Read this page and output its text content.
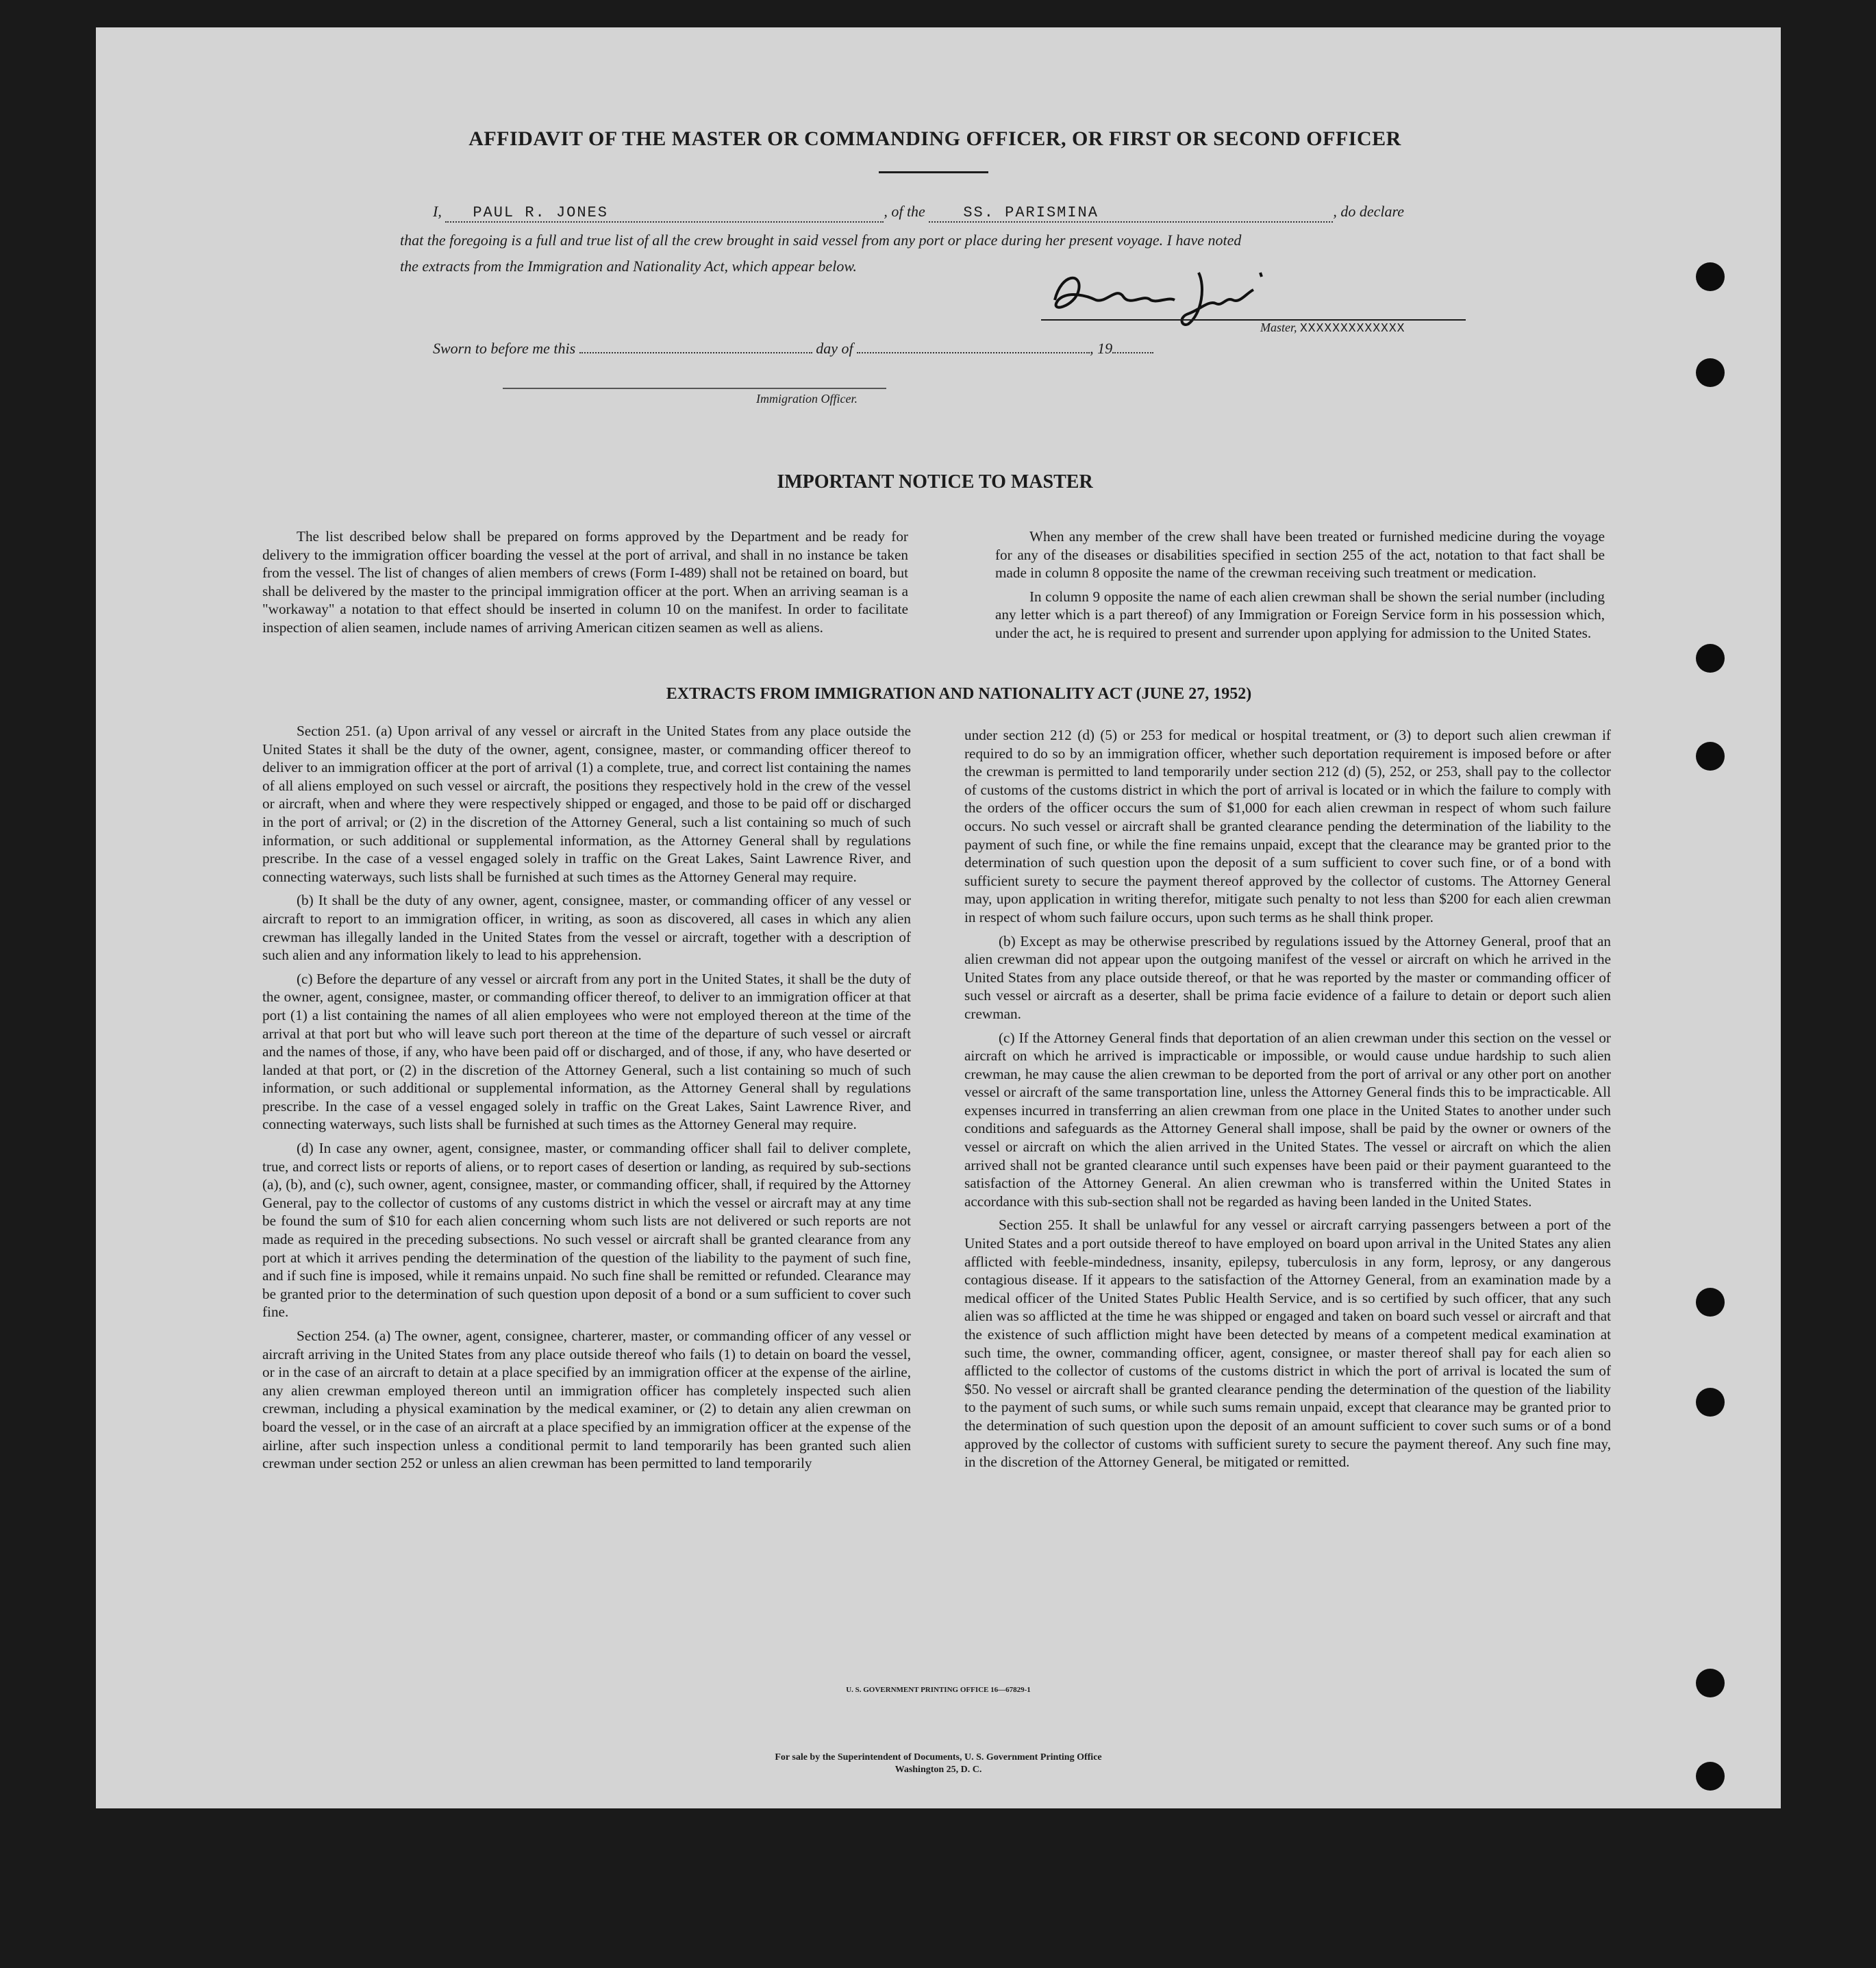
AFFIDAVIT OF THE MASTER OR COMMANDING OFFICER, OR FIRST OR SECOND OFFICER
I, PAUL R. JONES	, of the	SS. PARISMINA	, do declare
that the foregoing is a full and true list of all the crew brought in said vessel from any port or place during her present voyage. I have noted
the extracts from the Immigration and Nationality Act, which appear below.
Master, XXXXXXXXXXXXX
Sworn to before me this	day of	, 19
Immigration Officer.
IMPORTANT NOTICE TO MASTER
The list described below shall be prepared on forms approved by the Department and be ready for delivery to the immigration officer boarding the vessel at the port of arrival, and shall in no instance be taken from the vessel. The list of changes of alien members of crews (Form I-489) shall not be retained on board, but shall be delivered by the master to the principal immigration officer at the port. When an arriving seaman is a "workaway" a notation to that effect should be inserted in column 10 on the manifest. In order to facilitate inspection of alien seamen, include names of arriving American citizen seamen as well as aliens.

When any member of the crew shall have been treated or furnished medicine during the voyage for any of the diseases or disabilities specified in section 255 of the act, notation to that fact shall be made in column 8 opposite the name of the crewman receiving such treatment or medication.

In column 9 opposite the name of each alien crewman shall be shown the serial number (including any letter which is a part thereof) of any Immigration or Foreign Service form in his possession which, under the act, he is required to present and surrender upon applying for admission to the United States.

EXTRACTS FROM IMMIGRATION AND NATIONALITY ACT (JUNE 27, 1952)

Section 251. (a) Upon arrival of any vessel or aircraft in the United States from any place outside the United States it shall be the duty of the owner, agent, consignee, master, or commanding officer thereof to deliver to an immigration officer at the port of arrival (1) a complete, true, and correct list containing the names of all aliens employed on such vessel or aircraft, the positions they respectively hold in the crew of the vessel or aircraft, when and where they were respectively shipped or engaged, and those to be paid off or discharged in the port of arrival; or (2) in the discretion of the Attorney General, such a list containing so much of such information, or such additional or supplemental information, as the Attorney General shall by regulations prescribe. In the case of a vessel engaged solely in traffic on the Great Lakes, Saint Lawrence River, and connecting waterways, such lists shall be furnished at such times as the Attorney General may require.

(b) It shall be the duty of any owner, agent, consignee, master, or commanding officer of any vessel or aircraft to report to an immigration officer, in writing, as soon as discovered, all cases in which any alien crewman has illegally landed in the United States from the vessel or aircraft, together with a description of such alien and any information likely to lead to his apprehension.

(c) Before the departure of any vessel or aircraft from any port in the United States, it shall be the duty of the owner, agent, consignee, master, or commanding officer thereof, to deliver to an immigration officer at that port (1) a list containing the names of all alien employees who were not employed thereon at the time of the arrival at that port but who will leave such port thereon at the time of the departure of such vessel or aircraft and the names of those, if any, who have been paid off or discharged, and of those, if any, who have deserted or landed at that port, or (2) in the discretion of the Attorney General, such a list containing so much of such information, or such additional or supplemental information, as the Attorney General shall by regulations prescribe. In the case of a vessel engaged solely in traffic on the Great Lakes, Saint Lawrence River, and connecting waterways, such lists shall be furnished at such times as the Attorney General may require.

(d) In case any owner, agent, consignee, master, or commanding officer shall fail to deliver complete, true, and correct lists or reports of aliens, or to report cases of desertion or landing, as required by sub-sections (a), (b), and (c), such owner, agent, consignee, master, or commanding officer, shall, if required by the Attorney General, pay to the collector of customs of any customs district in which the vessel or aircraft may at any time be found the sum of $10 for each alien concerning whom such lists are not delivered or such reports are not made as required in the preceding subsections. No such vessel or aircraft shall be granted clearance from any port at which it arrives pending the determination of the question of the liability to the payment of such fine, and if such fine is imposed, while it remains unpaid. No such fine shall be remitted or refunded. Clearance may be granted prior to the determination of such question upon deposit of a bond or a sum sufficient to cover such fine.

Section 254. (a) The owner, agent, consignee, charterer, master, or commanding officer of any vessel or aircraft arriving in the United States from any place outside thereof who fails (1) to detain on board the vessel, or in the case of an aircraft to detain at a place specified by an immigration officer at the expense of the airline, any alien crewman employed thereon until an immigration officer has completely inspected such alien crewman, including a physical examination by the medical examiner, or (2) to detain any alien crewman on board the vessel, or in the case of an aircraft at a place specified by an immigration officer at the expense of the airline, after such inspection unless a conditional permit to land temporarily has been granted such alien crewman under section 252 or unless an alien crewman has been permitted to land temporarily

under section 212 (d) (5) or 253 for medical or hospital treatment, or (3) to deport such alien crewman if required to do so by an immigration officer, whether such deportation requirement is imposed before or after the crewman is permitted to land temporarily under section 212 (d) (5), 252, or 253, shall pay to the collector of customs of the customs district in which the port of arrival is located or in which the failure to comply with the orders of the officer occurs the sum of $1,000 for each alien crewman in respect of whom such failure occurs. No such vessel or aircraft shall be granted clearance pending the determination of the liability to the payment of such fine, or while the fine remains unpaid, except that the clearance may be granted prior to the determination of such question upon the deposit of a sum sufficient to cover such fine, or of a bond with sufficient surety to secure the payment thereof approved by the collector of customs. The Attorney General may, upon application in writing therefor, mitigate such penalty to not less than $200 for each alien crewman in respect of whom such failure occurs, upon such terms as he shall think proper.

(b) Except as may be otherwise prescribed by regulations issued by the Attorney General, proof that an alien crewman did not appear upon the outgoing manifest of the vessel or aircraft on which he arrived in the United States from any place outside thereof, or that he was reported by the master or commanding officer of such vessel or aircraft as a deserter, shall be prima facie evidence of a failure to detain or deport such alien crewman.

(c) If the Attorney General finds that deportation of an alien crewman under this section on the vessel or aircraft on which he arrived is impracticable or impossible, or would cause undue hardship to such alien crewman, he may cause the alien crewman to be deported from the port of arrival or any other port on another vessel or aircraft of the same transportation line, unless the Attorney General finds this to be impracticable. All expenses incurred in transferring an alien crewman from one place in the United States to another under such conditions and safeguards as the Attorney General shall impose, shall be paid by the owner or owners of the vessel or aircraft on which the alien arrived in the United States. The vessel or aircraft on which the alien arrived shall not be granted clearance until such expenses have been paid or their payment guaranteed to the satisfaction of the Attorney General. An alien crewman who is transferred within the United States in accordance with this sub-section shall not be regarded as having been landed in the United States.

Section 255. It shall be unlawful for any vessel or aircraft carrying passengers between a port of the United States and a port outside thereof to have employed on board upon arrival in the United States any alien afflicted with feeble-mindedness, insanity, epilepsy, tuberculosis in any form, leprosy, or any dangerous contagious disease. If it appears to the satisfaction of the Attorney General, from an examination made by a medical officer of the United States Public Health Service, and is so certified by such officer, that any such alien was so afflicted at the time he was shipped or engaged and taken on board such vessel or aircraft and that the existence of such affliction might have been detected by means of a competent medical examination at such time, the owner, commanding officer, agent, consignee, or master thereof shall pay for each alien so afflicted to the collector of customs of the customs district in which the port of arrival is located the sum of $50. No vessel or aircraft shall be granted clearance pending the determination of the question of the liability to the payment of such sums, or while such sums remain unpaid, except that clearance may be granted prior to the determination of such question upon the deposit of an amount sufficient to cover such sums or of a bond approved by the collector of customs with sufficient surety to secure the payment thereof. Any such fine may, in the discretion of the Attorney General, be mitigated or remitted.

U. S. GOVERNMENT PRINTING OFFICE 16—67829-1
For sale by the Superintendent of Documents, U. S. Government Printing Office
Washington 25, D. C.
